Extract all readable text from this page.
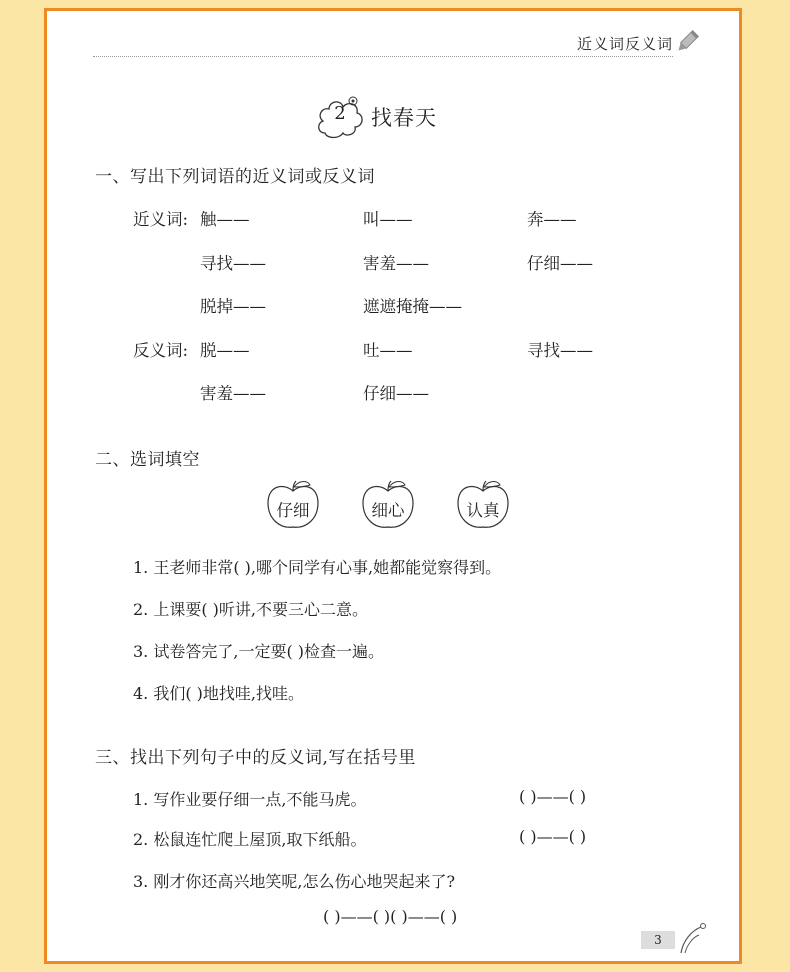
近义词反义词
2	找春天
一、写出下列词语的近义词或反义词
近义词: 触——	叫——	奔——
寻找——	害羞——	仔细——
脱掉——	遮遮掩掩——
反义词: 脱——	吐——	寻找——
害羞——	仔细——
二、选词填空
仔细	细心	认真
1. 王老师非常( ),哪个同学有心事,她都能觉察得到。
2. 上课要( )听讲,不要三心二意。
3. 试卷答完了,一定要( )检查一遍。
4. 我们( )地找哇,找哇。
三、找出下列句子中的反义词,写在括号里
1. 写作业要仔细一点,不能马虎。	( )——( )
2. 松鼠连忙爬上屋顶,取下纸船。	( )——( )
3. 刚才你还高兴地笑呢,怎么伤心地哭起来了?
( )——( )( )——( )
3
